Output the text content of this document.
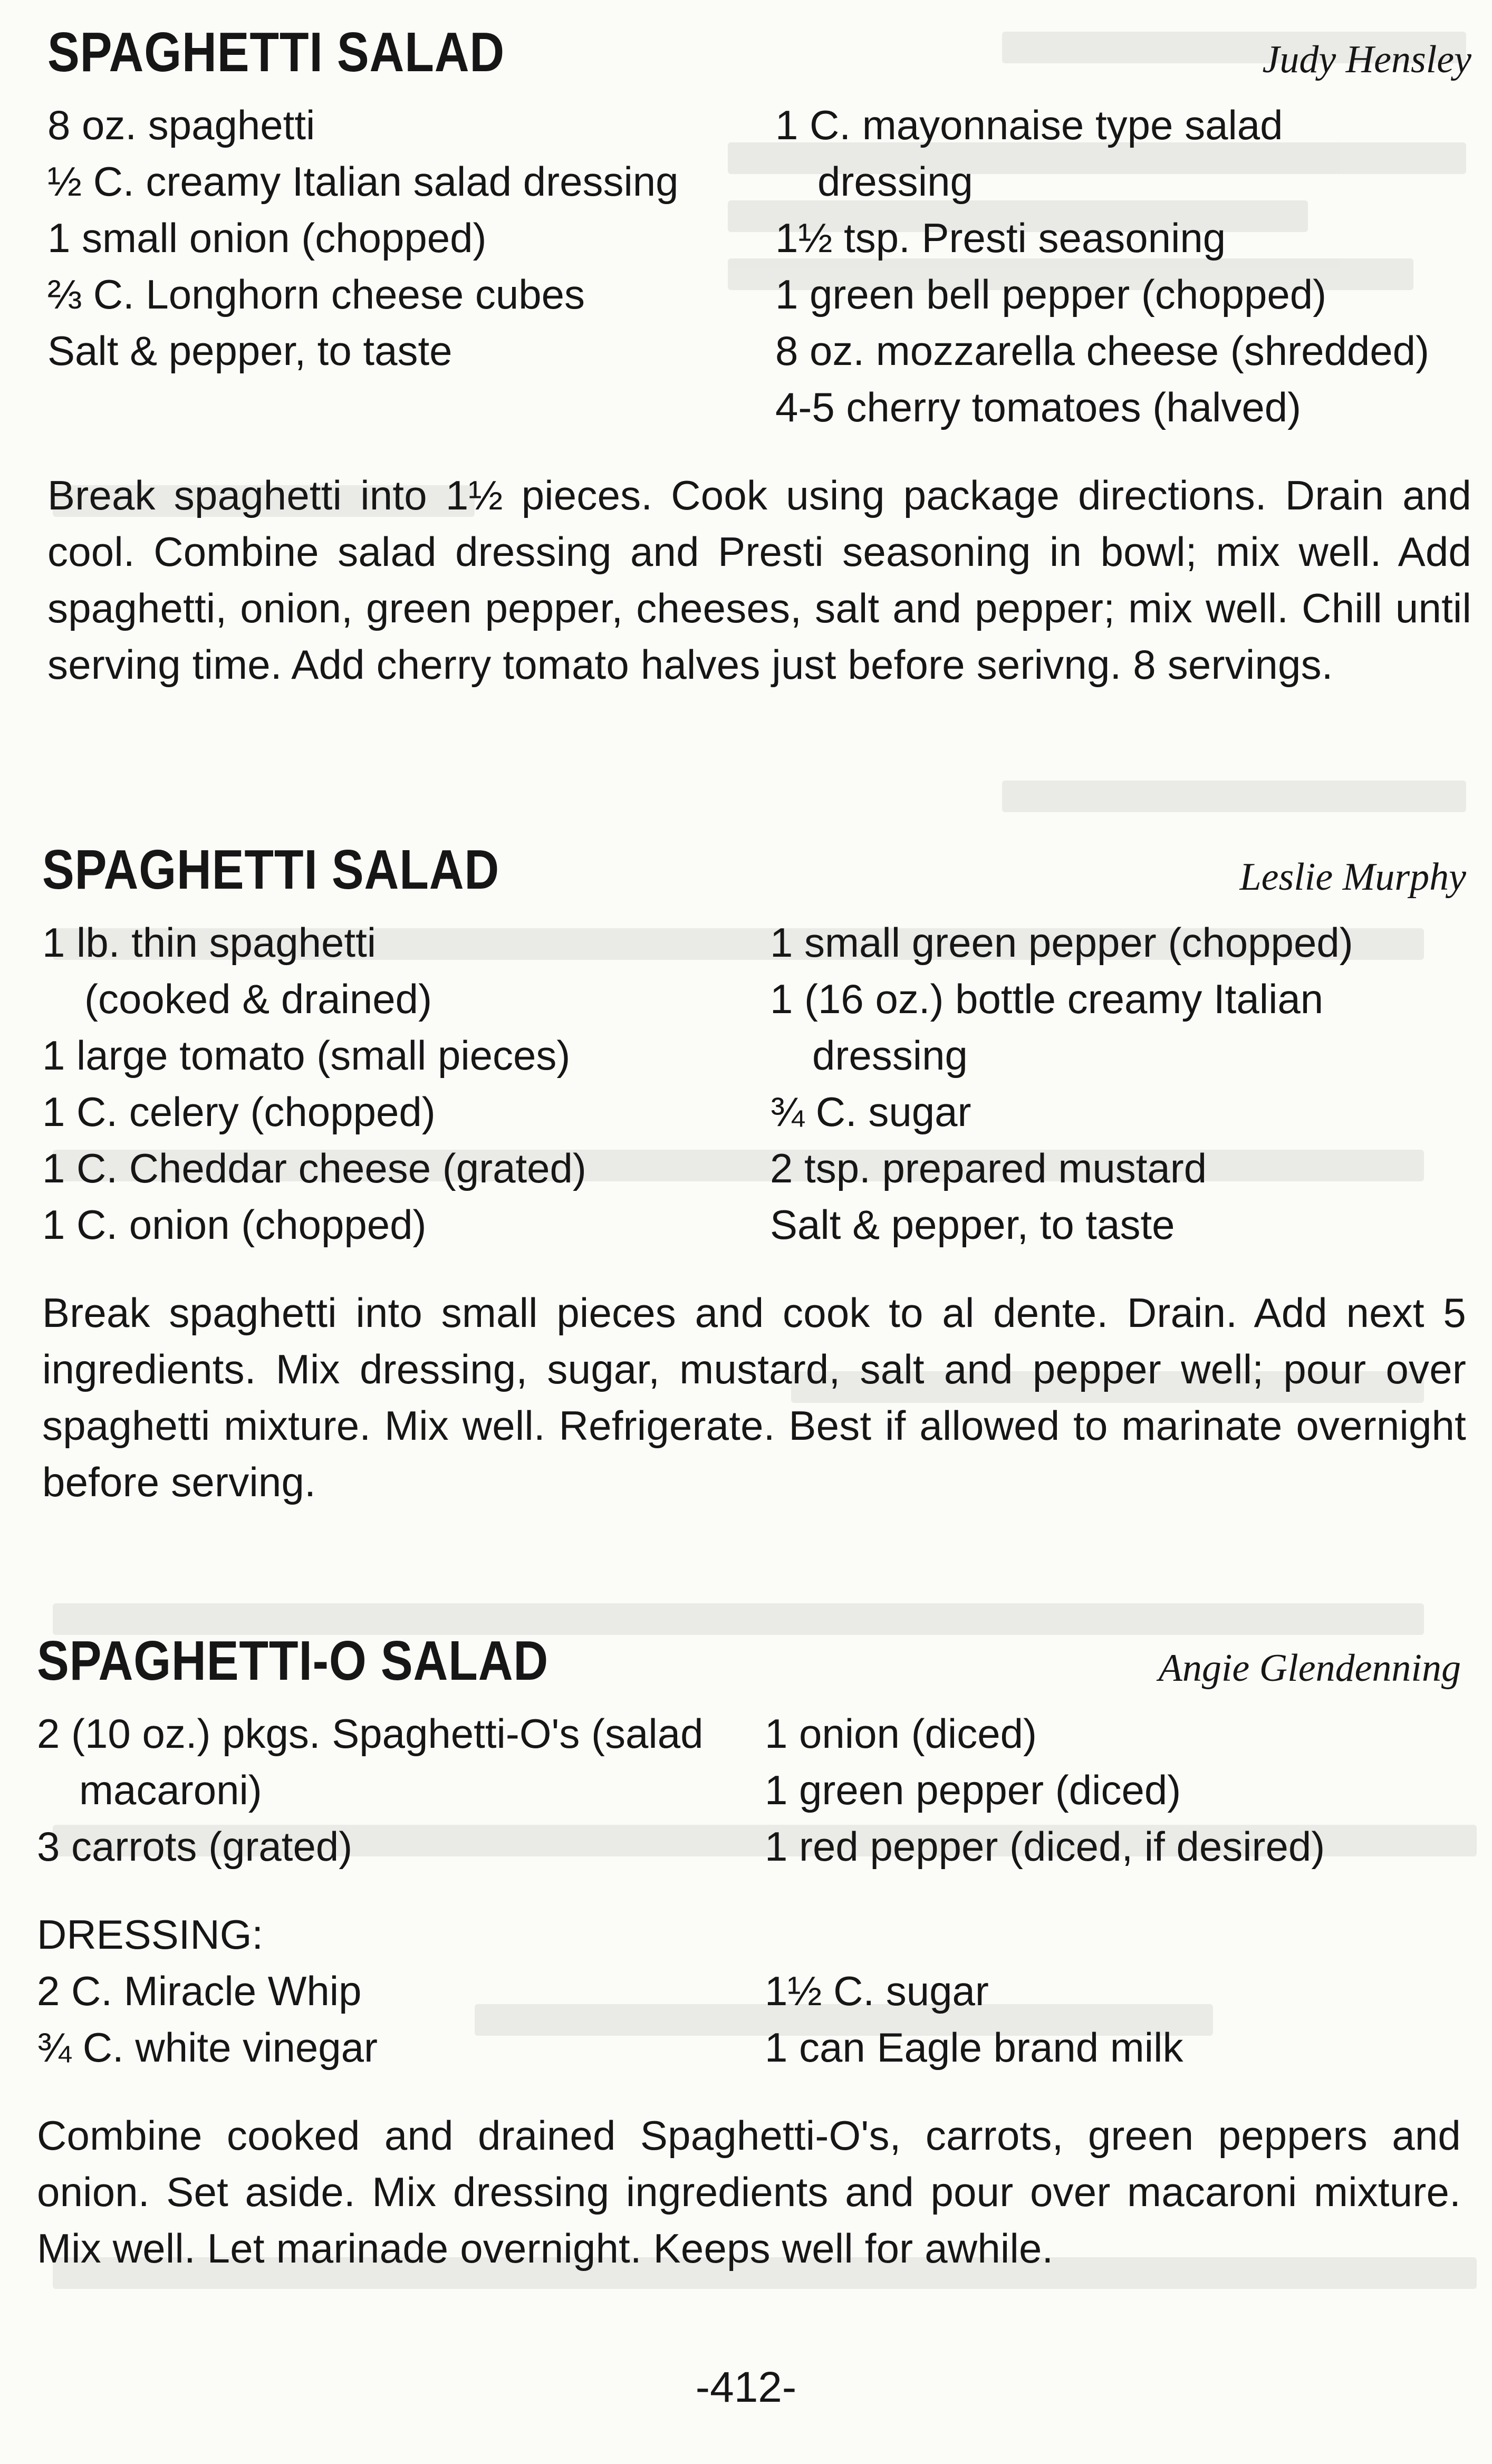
SPAGHETTI SALAD	Judy Hensley
8 oz. spaghetti
½ C. creamy Italian salad dressing
1 small onion (chopped)
⅔ C. Longhorn cheese cubes
Salt & pepper, to taste
1 C. mayonnaise type salad dressing
1½ tsp. Presti seasoning
1 green bell pepper (chopped)
8 oz. mozzarella cheese (shredded)
4-5 cherry tomatoes (halved)
Break spaghetti into 1½ pieces. Cook using package directions. Drain and cool. Combine salad dressing and Presti seasoning in bowl; mix well. Add spaghetti, onion, green pepper, cheeses, salt and pepper; mix well. Chill until serving time. Add cherry tomato halves just before serivng. 8 servings.
SPAGHETTI SALAD	Leslie Murphy
1 lb. thin spaghetti (cooked & drained)
1 large tomato (small pieces)
1 C. celery (chopped)
1 C. Cheddar cheese (grated)
1 C. onion (chopped)
1 small green pepper (chopped)
1 (16 oz.) bottle creamy Italian dressing
¾ C. sugar
2 tsp. prepared mustard
Salt & pepper, to taste
Break spaghetti into small pieces and cook to al dente. Drain. Add next 5 ingredients. Mix dressing, sugar, mustard, salt and pepper well; pour over spaghetti mixture. Mix well. Refrigerate. Best if allowed to marinate overnight before serving.
SPAGHETTI-O SALAD	Angie Glendenning
2 (10 oz.) pkgs. Spaghetti-O's (salad macaroni)
3 carrots (grated)
1 onion (diced)
1 green pepper (diced)
1 red pepper (diced, if desired)
DRESSING:
2 C. Miracle Whip
¾ C. white vinegar
1½ C. sugar
1 can Eagle brand milk
Combine cooked and drained Spaghetti-O's, carrots, green peppers and onion. Set aside. Mix dressing ingredients and pour over macaroni mixture. Mix well. Let marinade overnight. Keeps well for awhile.
-412-
